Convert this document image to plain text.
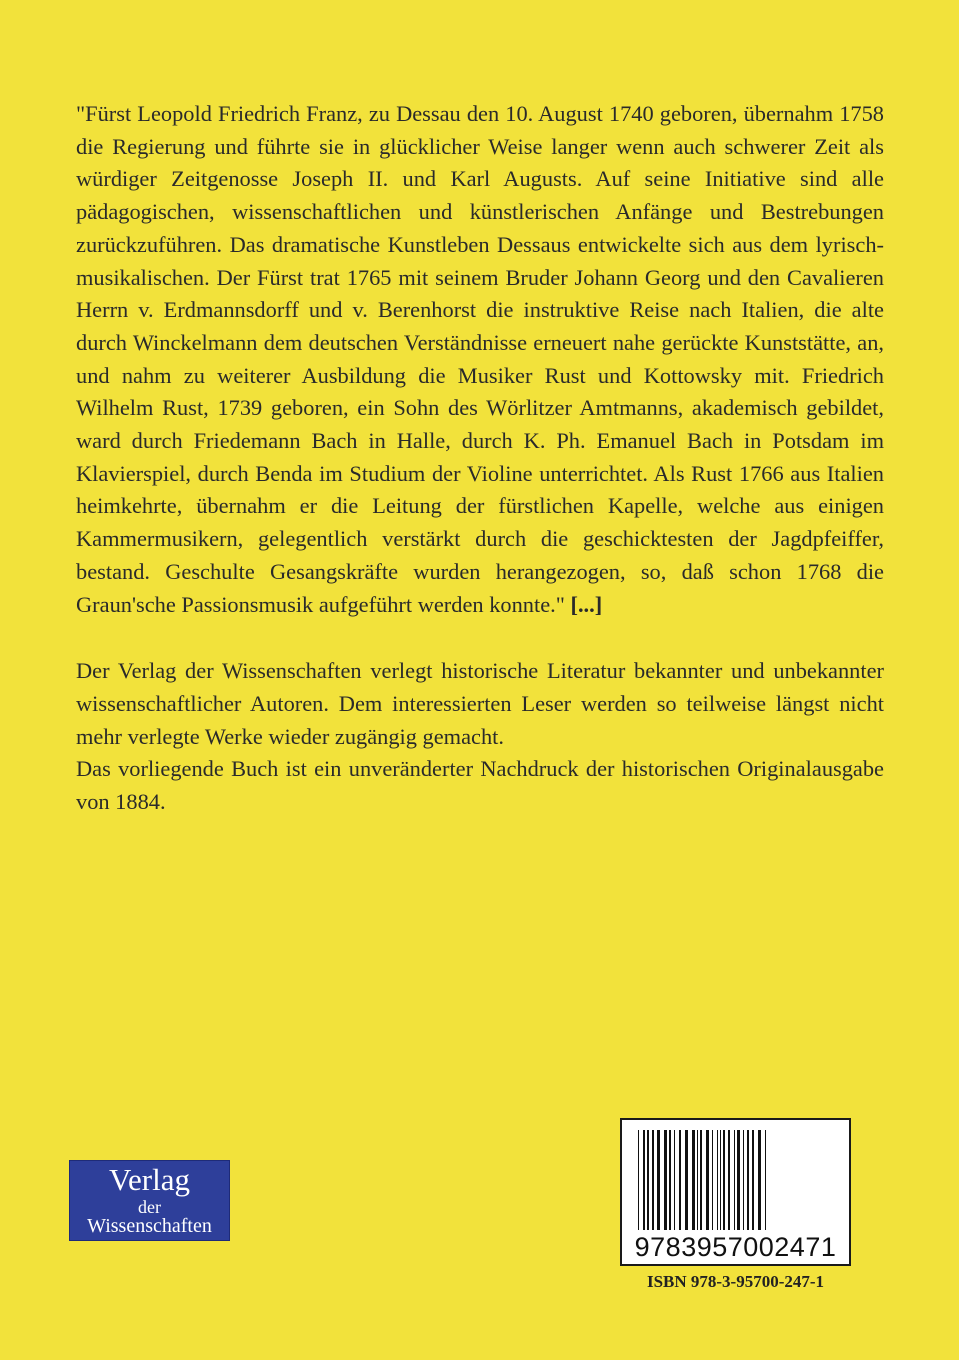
"Fürst Leopold Friedrich Franz, zu Dessau den 10. August 1740 geboren, übernahm 1758 die Regierung und führte sie in glücklicher Weise langer wenn auch schwerer Zeit als würdiger Zeitgenosse Joseph II. und Karl Augusts. Auf seine Initiative sind alle pädagogischen, wissenschaftlichen und künstlerischen Anfänge und Bestrebungen zurückzuführen. Das dramatische Kunstleben Dessaus entwickelte sich aus dem lyrisch-musikalischen. Der Fürst trat 1765 mit seinem Bruder Johann Georg und den Cavalieren Herrn v. Erdmannsdorff und v. Berenhorst die instruktive Reise nach Italien, die alte durch Winckelmann dem deutschen Verständnisse erneuert nahe gerückte Kunststätte, an, und nahm zu weiterer Ausbildung die Musiker Rust und Kottowsky mit. Friedrich Wilhelm Rust, 1739 geboren, ein Sohn des Wörlitzer Amtmanns, akademisch gebildet, ward durch Friedemann Bach in Halle, durch K. Ph. Emanuel Bach in Potsdam im Klavierspiel, durch Benda im Studium der Violine unterrichtet. Als Rust 1766 aus Italien heimkehrte, übernahm er die Leitung der fürstlichen Kapelle, welche aus einigen Kammermusikern, gelegentlich verstärkt durch die geschicktesten der Jagdpfeiffer, bestand. Geschulte Gesangskräfte wurden herangezogen, so, daß schon 1768 die Graun'sche Passionsmusik aufgeführt werden konnte." [...]

Der Verlag der Wissenschaften verlegt historische Literatur bekannter und unbekannter wissenschaftlicher Autoren. Dem interessierten Leser werden so teilweise längst nicht mehr verlegte Werke wieder zugängig gemacht.

Das vorliegende Buch ist ein unveränderter Nachdruck der historischen Originalausgabe von 1884.

Verlag
der
Wissenschaften
9783957002471
ISBN 978-3-95700-247-1
